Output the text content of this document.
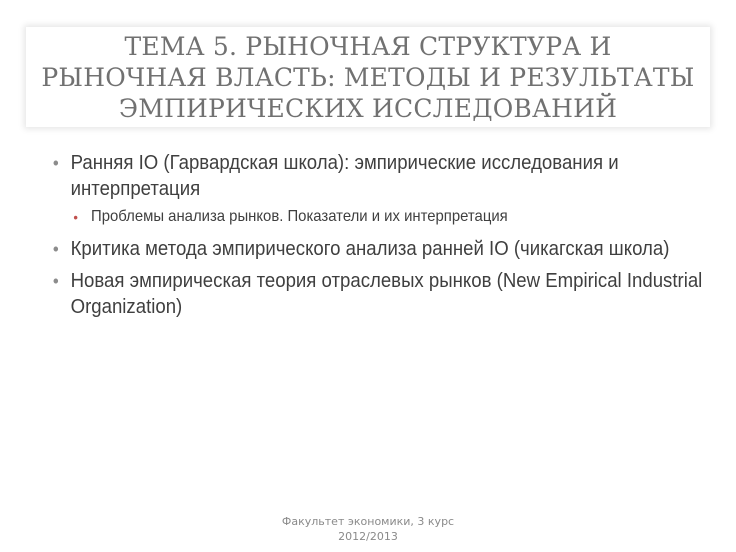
ТЕМА 5. РЫНОЧНАЯ СТРУКТУРА И РЫНОЧНАЯ ВЛАСТЬ: МЕТОДЫ И РЕЗУЛЬТАТЫ ЭМПИРИЧЕСКИХ ИССЛЕДОВАНИЙ
• Ранняя IO (Гарвардская школа): эмпирические исследования и интерпретация
• Проблемы анализа рынков. Показатели и их интерпретация
• Критика метода эмпирического анализа ранней IO (чикагская школа)
• Новая эмпирическая теория отраслевых рынков (New Empirical Industrial Organization)
Факультет экономики, 3 курс
2012/2013
